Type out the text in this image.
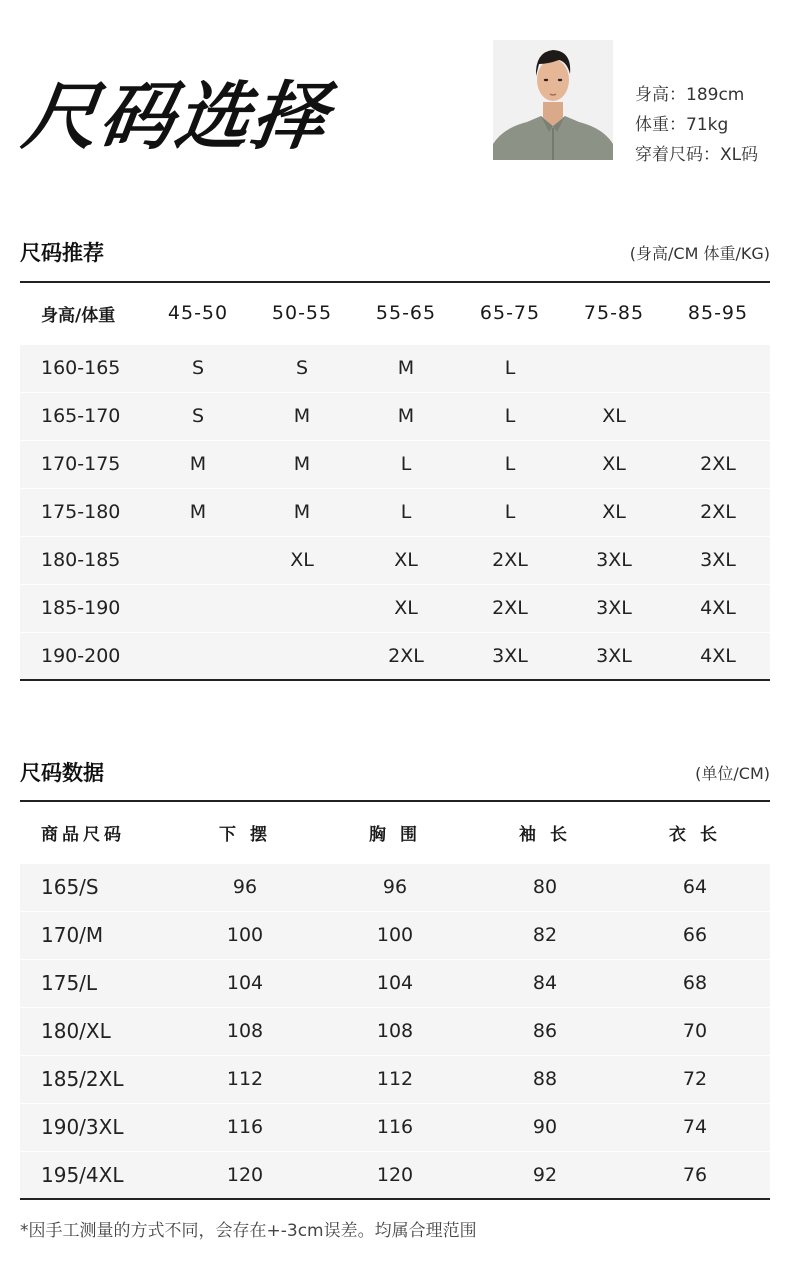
尺码选择	身高：189cm
体重：71kg
穿着尺码：XL码
尺码推荐	(身高/CM 体重/KG)
身高/体重	45-50	50-55	55-65	65-75	75-85	85-95
160-165	S	S	M	L		
165-170	S	M	M	L	XL	
170-175	M	M	L	L	XL	2XL
175-180	M	M	L	L	XL	2XL
180-185		XL	XL	2XL	3XL	3XL
185-190			XL	2XL	3XL	4XL
190-200			2XL	3XL	3XL	4XL
尺码数据	(单位/CM)
商品尺码	下 摆	胸 围	袖 长	衣 长
165/S	96	96	80	64
170/M	100	100	82	66
175/L	104	104	84	68
180/XL	108	108	86	70
185/2XL	112	112	88	72
190/3XL	116	116	90	74
195/4XL	120	120	92	76
*因手工测量的方式不同，会存在+-3cm误差。均属合理范围
